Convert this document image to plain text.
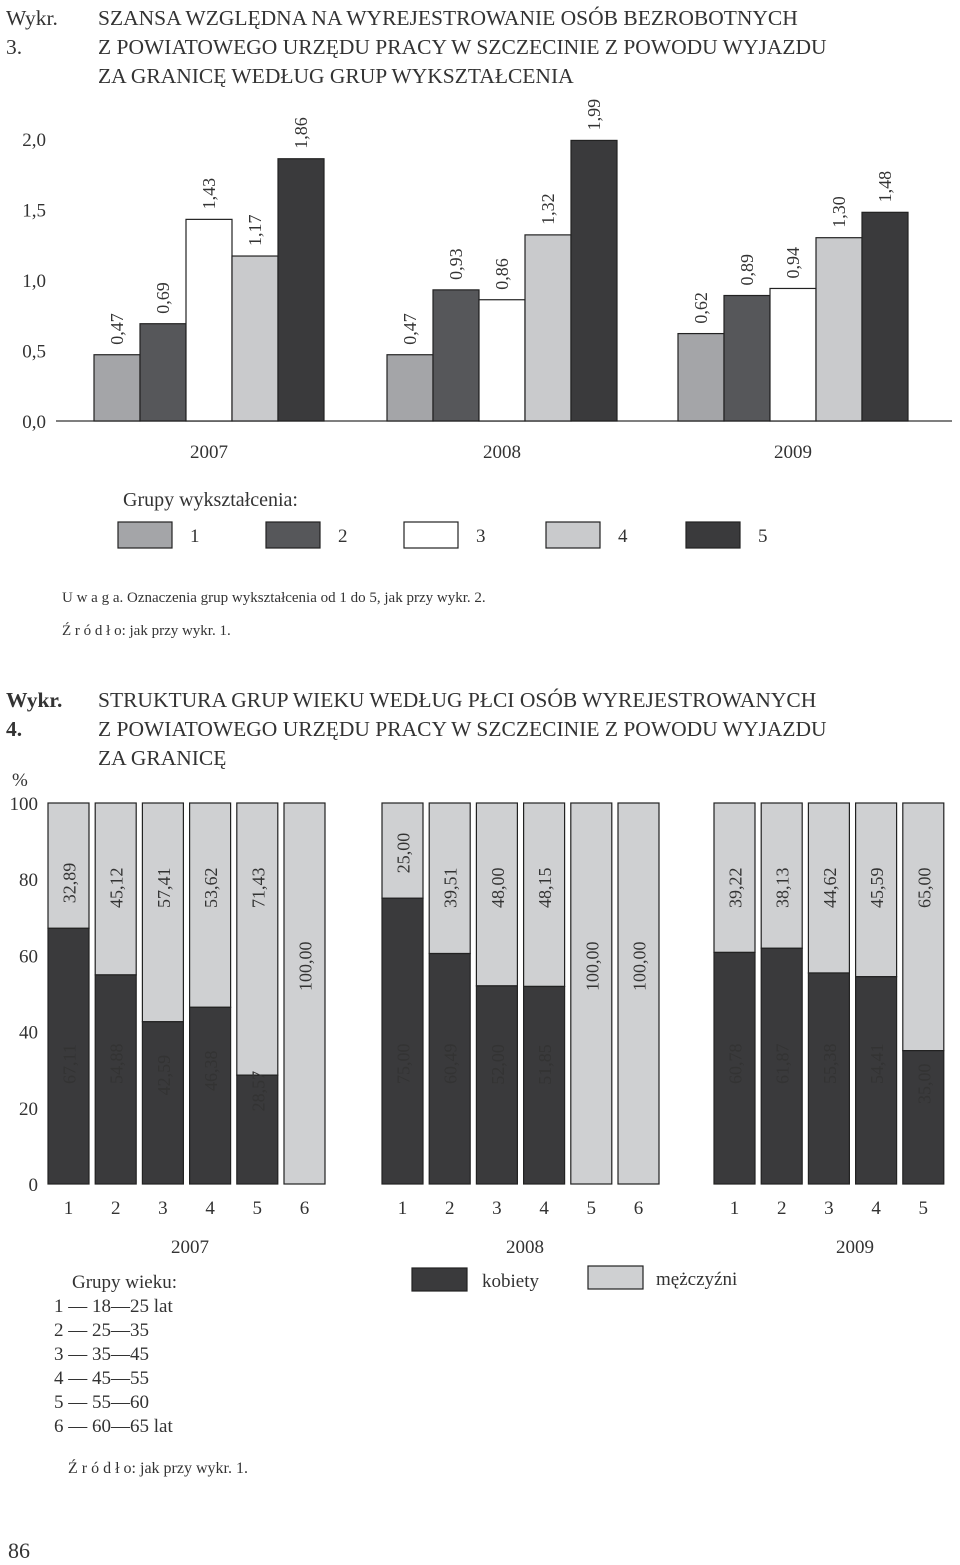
Wykr. 3.
SZANSA WZGLĘDNA NA WYREJESTROWANIE OSÓB BEZROBOTNYCH
Z POWIATOWEGO URZĘDU PRACY W SZCZECINIE Z POWODU WYJAZDU
ZA GRANICĘ WEDŁUG GRUP WYKSZTAŁCENIA
0,0
0,5
1,0
1,5
2,0
0,47
0,69
1,43
1,17
1,86
0,47
0,93 0,86
1,32
1,99
0,62
0,89 0,94
1,30
1,48
2007	2008	2009
1	2	3	4	5
Grupy wykształcenia:
U w a g a. Oznaczenia grup wykształcenia od 1 do 5, jak przy wykr. 2.
Ź r ó d ł o: jak przy wykr. 1.
Wykr. 4.
STRUKTURA GRUP WIEKU WEDŁUG PŁCI OSÓB WYREJESTROWANYCH
Z POWIATOWEGO URZĘDU PRACY W SZCZECINIE Z POWODU WYJAZDU
ZA GRANICĘ
%
0
20
40
60
80
100
32,89
67,11
45,12
54,88
57,41
42,59
53,62
46,38
71,43
28,57
100,00
25,00
75,00
39,51
60,49
48,00
52,00
48,15
51,85
100,00 100,00
39,22
60,78
38,13
61,87
44,62
55,38
45,59
54,41
65,00
35,00
1 2 3 4 5 6
2007
1 2 3 4 5 6
2008
1 2 3 4 5
2009
kobiety	mężczyźni
Grupy wieku:
1 — 18—25 lat
2 — 25—35
3 — 35—45
4 — 45—55
5 — 55—60
6 — 60—65 lat
Ź r ó d ł o: jak przy wykr. 1.
86
